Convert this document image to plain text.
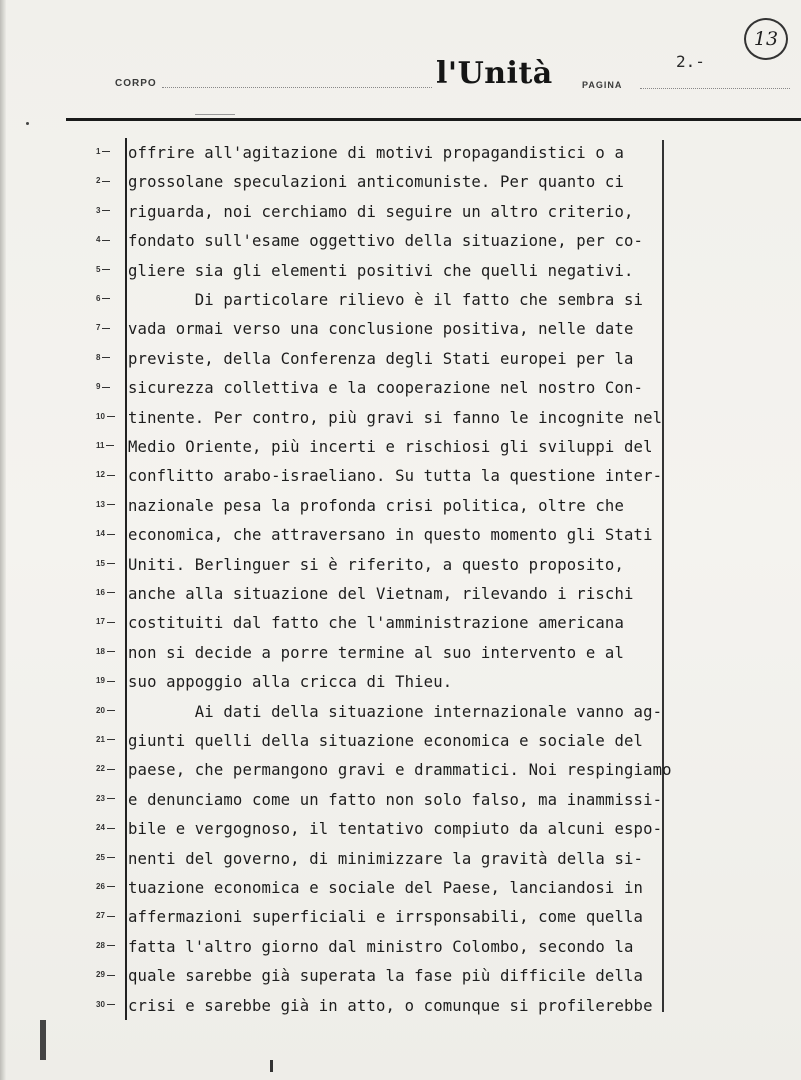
CORPO	l'Unità	PAGINA
2.-
13
1	offrire all'agitazione di motivi propagandistici o a
2	grossolane speculazioni anticomuniste. Per quanto ci
3	riguarda, noi cerchiamo di seguire un altro criterio,
4	fondato sull'esame oggettivo della situazione, per co-
5	gliere sia gli elementi positivi che quelli negativi.
6	Di particolare rilievo è il fatto che sembra si
7	vada ormai verso una conclusione positiva, nelle date
8	previste, della Conferenza degli Stati europei per la
9	sicurezza collettiva e la cooperazione nel nostro Con-
10	tinente. Per contro, più gravi si fanno le incognite nel
11	Medio Oriente, più incerti e rischiosi gli sviluppi del
12	conflitto arabo-israeliano. Su tutta la questione inter-
13	nazionale pesa la profonda crisi politica, oltre che
14	economica, che attraversano in questo momento gli Stati
15	Uniti. Berlinguer si è riferito, a questo proposito,
16	anche alla situazione del Vietnam, rilevando i rischi
17	costituiti dal fatto che l'amministrazione americana
18	non si decide a porre termine al suo intervento e al
19	suo appoggio alla cricca di Thieu.
20	Ai dati della situazione internazionale vanno ag-
21	giunti quelli della situazione economica e sociale del
22	paese, che permangono gravi e drammatici. Noi respingiamo
23	e denunciamo come un fatto non solo falso, ma inammissi-
24	bile e vergognoso, il tentativo compiuto da alcuni espo-
25	nenti del governo, di minimizzare la gravità della si-
26	tuazione economica e sociale del Paese, lanciandosi in
27	affermazioni superficiali e irrsponsabili, come quella
28	fatta l'altro giorno dal ministro Colombo, secondo la
29	quale sarebbe già superata la fase più difficile della
30	crisi e sarebbe già in atto, o comunque si profilerebbe
